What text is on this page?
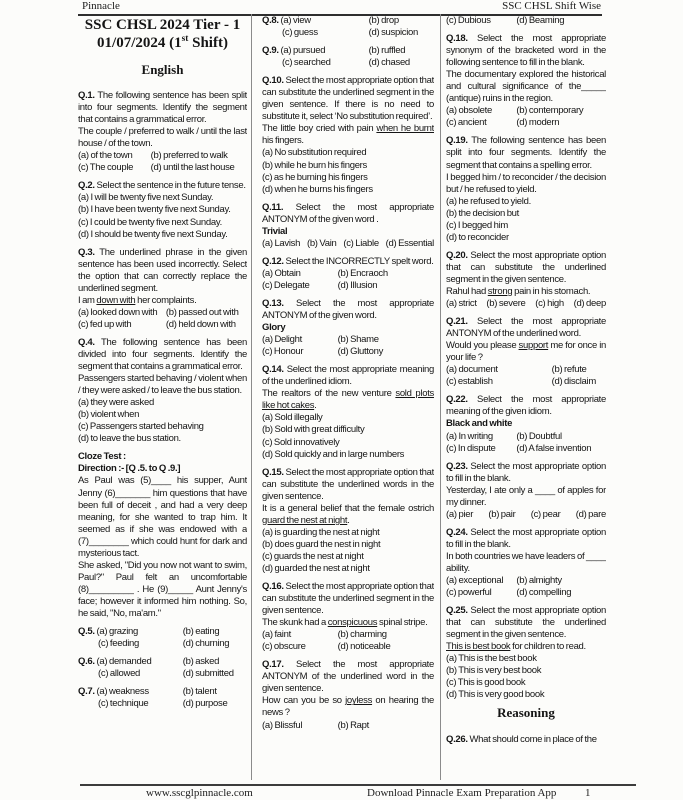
Pinnacle	SSC CHSL Shift Wise
SSC CHSL 2024 Tier - 1
01/07/2024 (1st Shift)
English
Q.1. The following sentence has been split into four segments. Identify the segment that contains a grammatical error.
The couple / preferred to walk / until the last house / of the town.
(a) of the town	(b) preferred to walk
(c) The couple	(d) until the last house
Q.2. Select the sentence in the future tense.
(a) I will be twenty five next Sunday.
(b) I have been twenty five next Sunday.
(c) I could be twenty five next Sunday.
(d) I should be twenty five next Sunday.
Q.3. The underlined phrase in the given sentence has been used incorrectly. Select the option that can correctly replace the underlined segment.
I am down with her complaints.
(a) looked down with (b) passed out with
(c) fed up with	(d) held down with
Q.4. The following sentence has been divided into four segments. Identify the segment that contains a grammatical error.
Passengers started behaving / violent when / they were asked / to leave the bus station.
(a) they were asked
(b) violent when
(c) Passengers started behaving
(d) to leave the bus station.
Cloze Test :
Direction :- [Q .5. to Q .9.]
As Paul was (5)____ his supper, Aunt Jenny (6)_______ him questions that have been full of deceit , and had a very deep meaning, for she wanted to trap him. It seemed as if she was endowed with a (7)________ which could hunt for dark and mysterious tact.
She asked, "Did you now not want to swim, Paul?" Paul felt an uncomfortable (8)_________ . He (9)_____ Aunt Jenny's face; however it informed him nothing. So, he said, "No, ma'am."
Q.5. (a) grazing	(b) eating
(c) feeding	(d) churning
Q.6. (a) demanded	(b) asked
(c) allowed	(d) submitted
Q.7. (a) weakness	(b) talent
(c) technique	(d) purpose
Q.8. (a) view	(b) drop
(c) guess	(d) suspicion
Q.9. (a) pursued	(b) ruffled
(c) searched	(d) chased
Q.10. Select the most appropriate option that can substitute the underlined segment in the given sentence. If there is no need to substitute it, select ‘No substitution required’.
The little boy cried with pain when he burnt his fingers.
(a) No substitution required
(b) while he burn his fingers
(c) as he burning his fingers
(d) when he burns his fingers
Q.11. Select the most appropriate ANTONYM of the given word .
Trivial
(a) Lavish (b) Vain (c) Liable (d) Essential
Q.12. Select the INCORRECTLY spelt word.
(a) Obtain	(b) Encraoch
(c) Delegate	(d) Illusion
Q.13. Select the most appropriate ANTONYM of the given word.
Glory
(a) Delight	(b) Shame
(c) Honour	(d) Gluttony
Q.14. Select the most appropriate meaning of the underlined idiom.
The realtors of the new venture sold plots like hot cakes.
(a) Sold illegally
(b) Sold with great difficulty
(c) Sold innovatively
(d) Sold quickly and in large numbers
Q.15. Select the most appropriate option that can substitute the underlined words in the given sentence.
It is a general belief that the female ostrich guard the nest at night.
(a) is guarding the nest at night
(b) does guard the nest in night
(c) guards the nest at night
(d) guarded the nest at night
Q.16. Select the most appropriate option that can substitute the underlined segment in the given sentence.
The skunk had a conspicuous spinal stripe.
(a) faint	(b) charming
(c) obscure	(d) noticeable
Q.17. Select the most appropriate ANTONYM of the underlined word in the given sentence.
How can you be so joyless on hearing the news ?
(a) Blissful	(b) Rapt
(c) Dubious	(d) Beaming
Q.18. Select the most appropriate synonym of the bracketed word in the following sentence to fill in the blank.
The documentary explored the historical and cultural significance of the_____ (antique) ruins in the region.
(a) obsolete	(b) contemporary
(c) ancient	(d) modern
Q.19. The following sentence has been split into four segments. Identify the segment that contains a spelling error.
I begged him / to reconcider / the decision but / he refused to yield.
(a) he refused to yield.
(b) the decision but
(c) I begged him
(d) to reconcider
Q.20. Select the most appropriate option that can substitute the underlined segment in the given sentence.
Rahul had strong pain in his stomach.
(a) strict (b) severe (c) high (d) deep
Q.21. Select the most appropriate ANTONYM of the underlined word.
Would you please support me for once in your life ?
(a) document	(b) refute
(c) establish	(d) disclaim
Q.22. Select the most appropriate meaning of the given idiom.
Black and white
(a) In writing	(b) Doubtful
(c) In dispute	(d) A false invention
Q.23. Select the most appropriate option to fill in the blank.
Yesterday, I ate only a ____ of apples for my dinner.
(a) pier (b) pair (c) pear (d) pare
Q.24. Select the most appropriate option to fill in the blank.
In both countries we have leaders of ____ ability.
(a) exceptional	(b) almighty
(c) powerful	(d) compelling
Q.25. Select the most appropriate option that can substitute the underlined segment in the given sentence.
This is best book for children to read.
(a) This is the best book
(b) This is very best book
(c) This is good book
(d) This is very good book
Reasoning
Q.26. What should come in place of the
www.sscglpinnacle.com	Download Pinnacle Exam Preparation App	1
